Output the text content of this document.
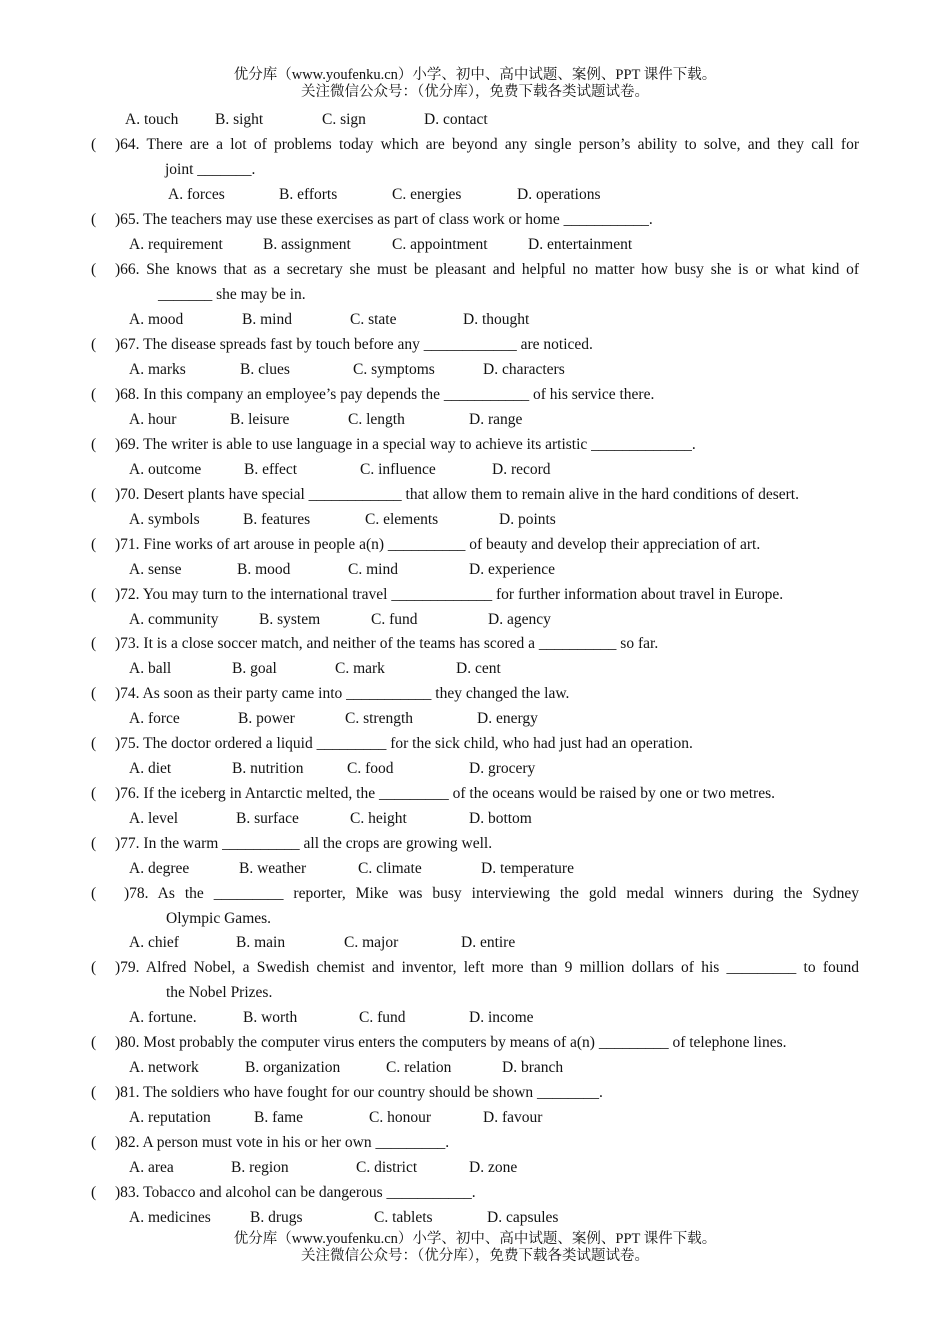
优分库（www.youfenku.cn）小学、初中、高中试题、案例、PPT 课件下载。
关注微信公众号：（优分库），免费下载各类试题试卷。
A. touch B. sight	C. sign	D. contact
( )64. There are a lot of problems today which are beyond any single person’s ability to solve, and they call for
joint _______.
A. forces	B. efforts	C. energies	D. operations
( )65. The teachers may use these exercises as part of class work or home ___________.
A. requirement	B. assignment	C. appointment	D. entertainment
( )66. She knows that as a secretary she must be pleasant and helpful no matter how busy she is or what kind of
_______ she may be in.
A. mood	B. mind	C. state	D. thought
( )67. The disease spreads fast by touch before any ____________ are noticed.
A. marks	B. clues	C. symptoms	D. characters
( )68. In this company an employee’s pay depends the ___________ of his service there.
A. hour	B. leisure	C. length	D. range
( )69. The writer is able to use language in a special way to achieve its artistic _____________.
A. outcome	B. effect	C. influence	D. record
( )70. Desert plants have special ____________ that allow them to remain alive in the hard conditions of desert.
A. symbols	B. features	C. elements	D. points
( )71. Fine works of art arouse in people a(n) __________ of beauty and develop their appreciation of art.
A. sense	B. mood	C. mind	D. experience
( )72. You may turn to the international travel _____________ for further information about travel in Europe.
A. community	B. system	C. fund	D. agency
( )73. It is a close soccer match, and neither of the teams has scored a __________ so far.
A. ball	B. goal	C. mark	D. cent
( )74. As soon as their party came into ___________ they changed the law.
A. force	B. power	C. strength	D. energy
( )75. The doctor ordered a liquid _________ for the sick child, who had just had an operation.
A. diet	B. nutrition	C. food	D. grocery
( )76. If the iceberg in Antarctic melted, the _________ of the oceans would be raised by one or two metres.
A. level	B. surface	C. height	D. bottom
( )77. In the warm __________ all the crops are growing well.
A. degree	B. weather	C. climate	D. temperature
( )78. As the _________ reporter, Mike was busy interviewing the gold medal winners during the Sydney
Olympic Games.
A. chief	B. main	C. major	D. entire
( )79. Alfred Nobel, a Swedish chemist and inventor, left more than 9 million dollars of his _________ to found
the Nobel Prizes.
A. fortune.	B. worth	C. fund	D. income
( )80. Most probably the computer virus enters the computers by means of a(n) _________ of telephone lines.
A. network	B. organization	C. relation	D. branch
( )81. The soldiers who have fought for our country should be shown ________.
A. reputation	B. fame	C. honour	D. favour
( )82. A person must vote in his or her own _________.
A. area	B. region	C. district	D. zone
( )83. Tobacco and alcohol can be dangerous ___________.
A. medicines	B. drugs	C. tablets	D. capsules
优分库（www.youfenku.cn）小学、初中、高中试题、案例、PPT 课件下载。
关注微信公众号：（优分库），免费下载各类试题试卷。
